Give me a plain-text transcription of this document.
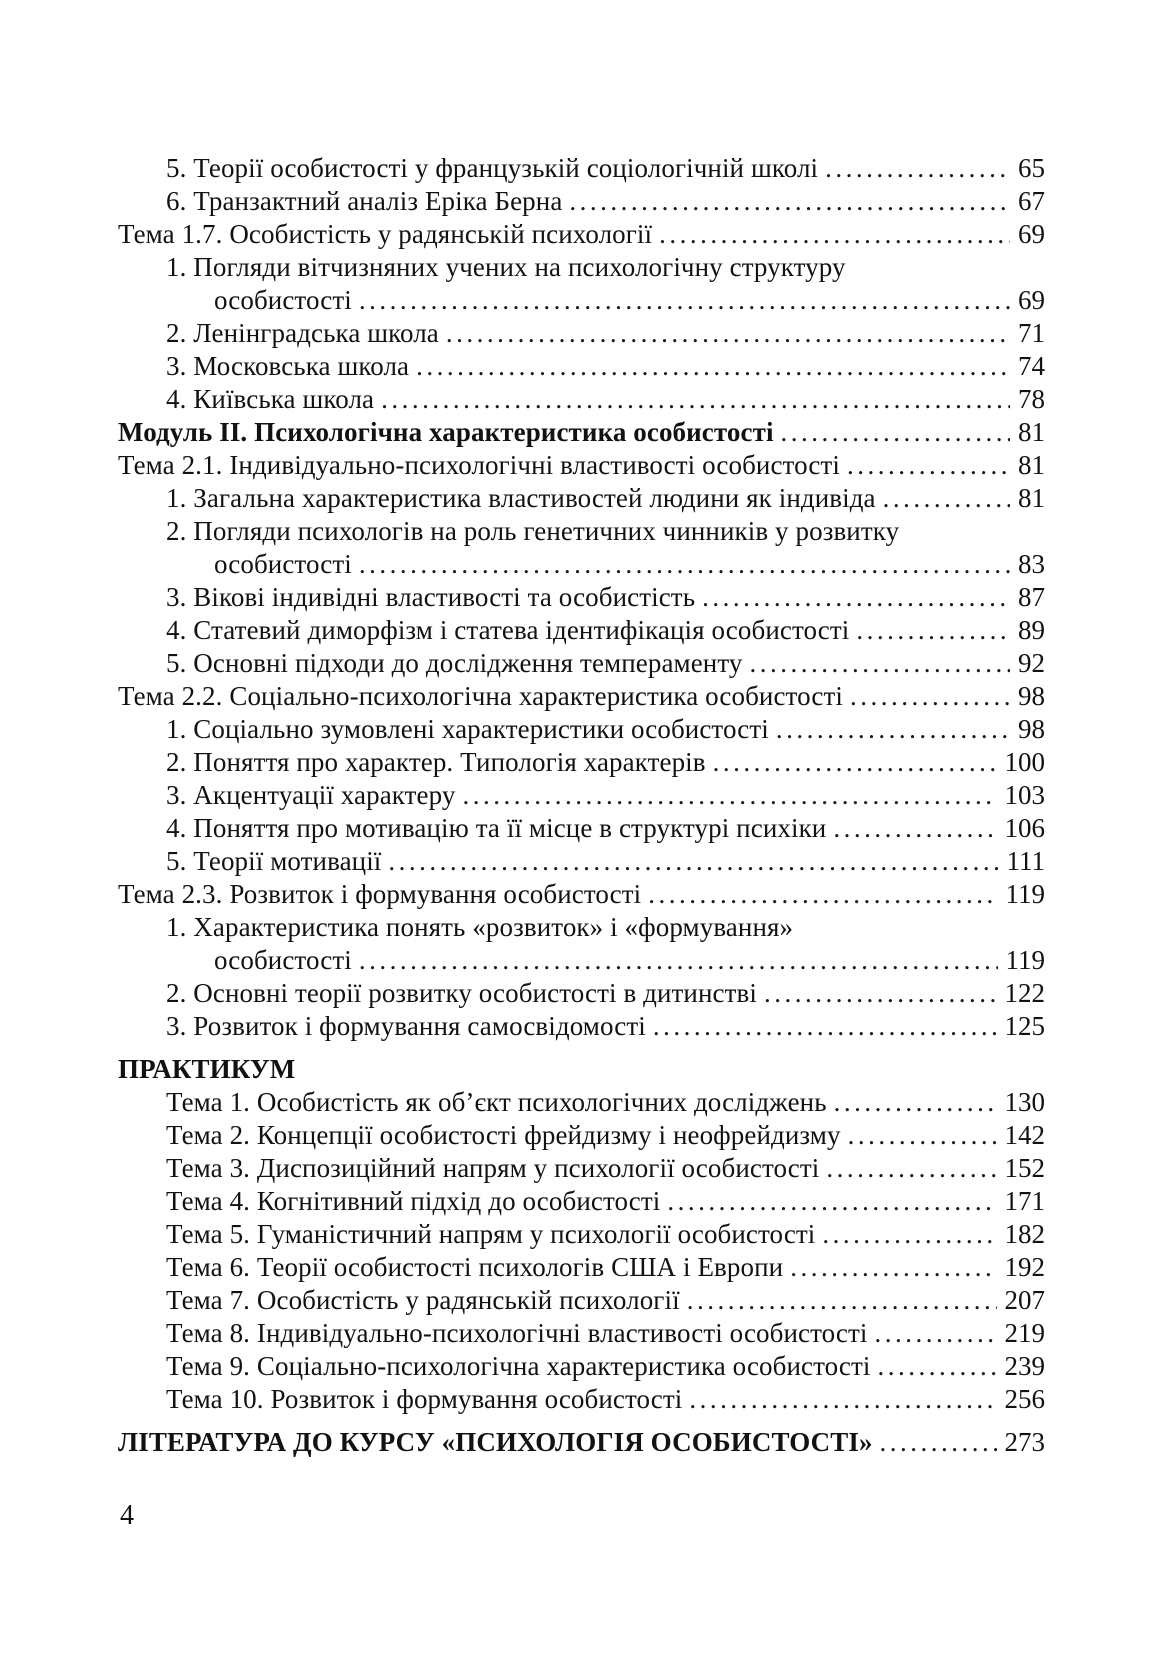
5. Теорії особистості у французькій соціологічній школі .....	65
6. Транзактний аналіз Еріка Берна .....	67
Тема 1.7. Особистість у радянській психології .....	69
1. Погляди вітчизняних учених на психологічну структуру
особистості .....	69
2. Ленінградська школа .....	71
3. Московська школа .....	74
4. Київська школа .....	78
Модуль ІІ. Психологічна характеристика особистості .....	81
Тема 2.1. Індивідуально-психологічні властивості особистості .....	81
1. Загальна характеристика властивостей людини як індивіда .....	81
2. Погляди психологів на роль генетичних чинників у розвитку
особистості .....	83
3. Вікові індивідні властивості та особистість .....	87
4. Статевий диморфізм і статева ідентифікація особистості .....	89
5. Основні підходи до дослідження темпераменту .....	92
Тема 2.2. Соціально-психологічна характеристика особистості .....	98
1. Соціально зумовлені характеристики особистості .....	98
2. Поняття про характер. Типологія характерів .....	100
3. Акцентуації характеру .....	103
4. Поняття про мотивацію та її місце в структурі психіки .....	106
5. Теорії мотивації .....	111
Тема 2.3. Розвиток і формування особистості .....	119
1. Характеристика понять «розвиток» і «формування»
особистості .....	119
2. Основні теорії розвитку особистості в дитинстві .....	122
3. Розвиток і формування самосвідомості .....	125
ПРАКТИКУМ
Тема 1. Особистість як об’єкт психологічних досліджень .....	130
Тема 2. Концепції особистості фрейдизму і неофрейдизму .....	142
Тема 3. Диспозиційний напрям у психології особистості .....	152
Тема 4. Когнітивний підхід до особистості .....	171
Тема 5. Гуманістичний напрям у психології особистості .....	182
Тема 6. Теорії особистості психологів США і Европи .....	192
Тема 7. Особистість у радянській психології .....	207
Тема 8. Індивідуально-психологічні властивості особистості .....	219
Тема 9. Соціально-психологічна характеристика особистості .....	239
Тема 10. Розвиток і формування особистості .....	256
ЛІТЕРАТУРА ДО КУРСУ «ПСИХОЛОГІЯ ОСОБИСТОСТІ» .....	273
4
